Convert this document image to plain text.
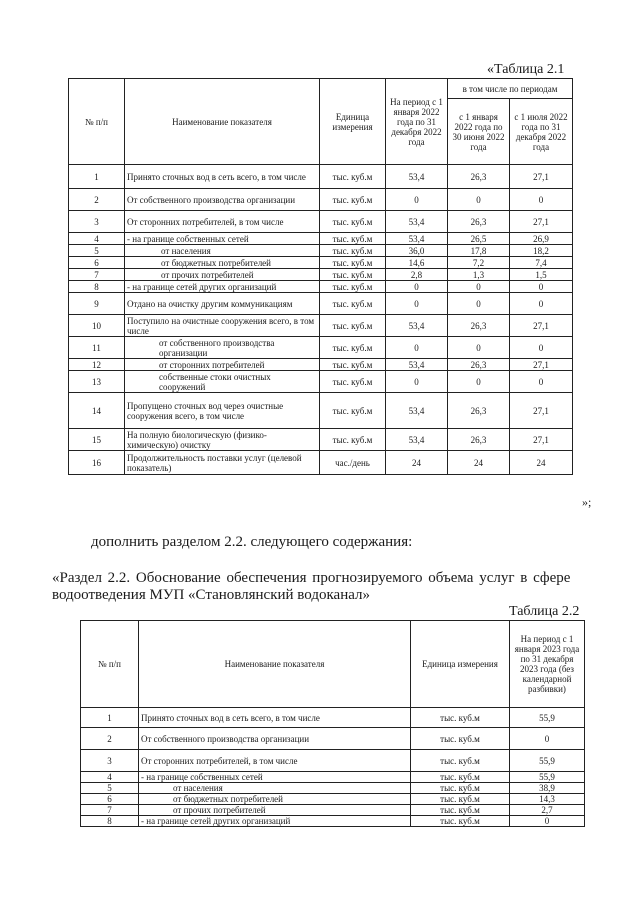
«Таблица 2.1
№ п/п	Наименование показателя	Единица измерения	На период с 1 января 2022 года по 31 декабря 2022 года	в том числе по периодам	
				с 1 января 2022 года по 30 июня 2022 года	с 1 июля 2022 года по 31 декабря 2022 года
1	Принято сточных вод в сеть всего, в том числе	тыс. куб.м	53,4	26,3	27,1
2	От собственного производства организации	тыс. куб.м	0	0	0
3	От сторонних потребителей, в том числе	тыс. куб.м	53,4	26,3	27,1
4	- на границе собственных сетей	тыс. куб.м	53,4	26,5	26,9
5	от населения	тыс. куб.м	36,0	17,8	18,2
6	от бюджетных потребителей	тыс. куб.м	14,6	7,2	7,4
7	от прочих потребителей	тыс. куб.м	2,8	1,3	1,5
8	- на границе сетей других организаций	тыс. куб.м	0	0	0
9	Отдано на очистку другим коммуникациям	тыс. куб.м	0	0	0
10	Поступило на очистные сооружения всего, в том числе	тыс. куб.м	53,4	26,3	27,1
11	от собственного производства организации	тыс. куб.м	0	0	0
12	от сторонних потребителей	тыс. куб.м	53,4	26,3	27,1
13	собственные стоки очистных сооружений	тыс. куб.м	0	0	0
14	Пропущено сточных вод через очистные сооружения всего, в том числе	тыс. куб.м	53,4	26,3	27,1
15	На полную биологическую (физико-химическую) очистку	тыс. куб.м	53,4	26,3	27,1
16	Продолжительность поставки услуг (целевой показатель)	час./день	24	24	24
»;
дополнить разделом 2.2. следующего содержания:
«Раздел 2.2. Обоснование обеспечения прогнозируемого объема услуг в сфере
водоотведения МУП «Становлянский водоканал»
Таблица 2.2
№ п/п	Наименование показателя	Единица измерения	На период с 1 января 2023 года по 31 декабря 2023 года (без календарной разбивки)
1	Принято сточных вод в сеть всего, в том числе	тыс. куб.м	55,9
2	От собственного производства организации	тыс. куб.м	0
3	От сторонних потребителей, в том числе	тыс. куб.м	55,9
4	- на границе собственных сетей	тыс. куб.м	55,9
5	от населения	тыс. куб.м	38,9
6	от бюджетных потребителей	тыс. куб.м	14,3
7	от прочих потребителей	тыс. куб.м	2,7
8	- на границе сетей других организаций	тыс. куб.м	0
